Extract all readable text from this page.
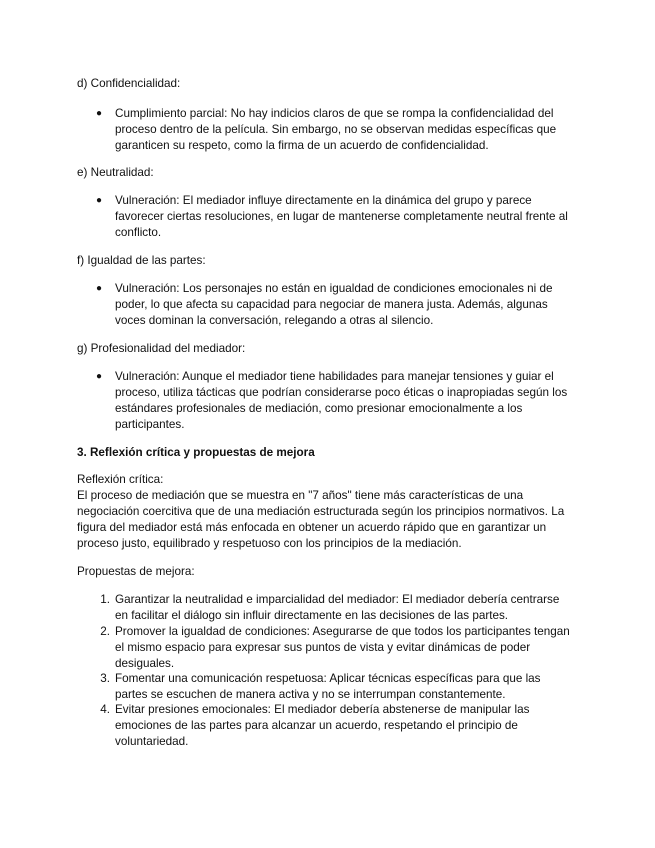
d) Confidencialidad:

● Cumplimiento parcial: No hay indicios claros de que se rompa la confidencialidad del

proceso dentro de la película. Sin embargo, no se observan medidas específicas que

garanticen su respeto, como la firma de un acuerdo de confidencialidad.

e) Neutralidad:

● Vulneración: El mediador influye directamente en la dinámica del grupo y parece

favorecer ciertas resoluciones, en lugar de mantenerse completamente neutral frente al

conflicto.

f) Igualdad de las partes:

● Vulneración: Los personajes no están en igualdad de condiciones emocionales ni de

poder, lo que afecta su capacidad para negociar de manera justa. Además, algunas

voces dominan la conversación, relegando a otras al silencio.

g) Profesionalidad del mediador:

● Vulneración: Aunque el mediador tiene habilidades para manejar tensiones y guiar el

proceso, utiliza tácticas que podrían considerarse poco éticas o inapropiadas según los

estándares profesionales de mediación, como presionar emocionalmente a los

participantes.

3. Reflexión crítica y propuestas de mejora

Reflexión crítica:

El proceso de mediación que se muestra en "7 años" tiene más características de una

negociación coercitiva que de una mediación estructurada según los principios normativos. La

figura del mediador está más enfocada en obtener un acuerdo rápido que en garantizar un

proceso justo, equilibrado y respetuoso con los principios de la mediación.

Propuestas de mejora:

1. Garantizar la neutralidad e imparcialidad del mediador: El mediador debería centrarse

en facilitar el diálogo sin influir directamente en las decisiones de las partes.

2. Promover la igualdad de condiciones: Asegurarse de que todos los participantes tengan

el mismo espacio para expresar sus puntos de vista y evitar dinámicas de poder

desiguales.

3. Fomentar una comunicación respetuosa: Aplicar técnicas específicas para que las

partes se escuchen de manera activa y no se interrumpan constantemente.

4. Evitar presiones emocionales: El mediador debería abstenerse de manipular las

emociones de las partes para alcanzar un acuerdo, respetando el principio de

voluntariedad.
